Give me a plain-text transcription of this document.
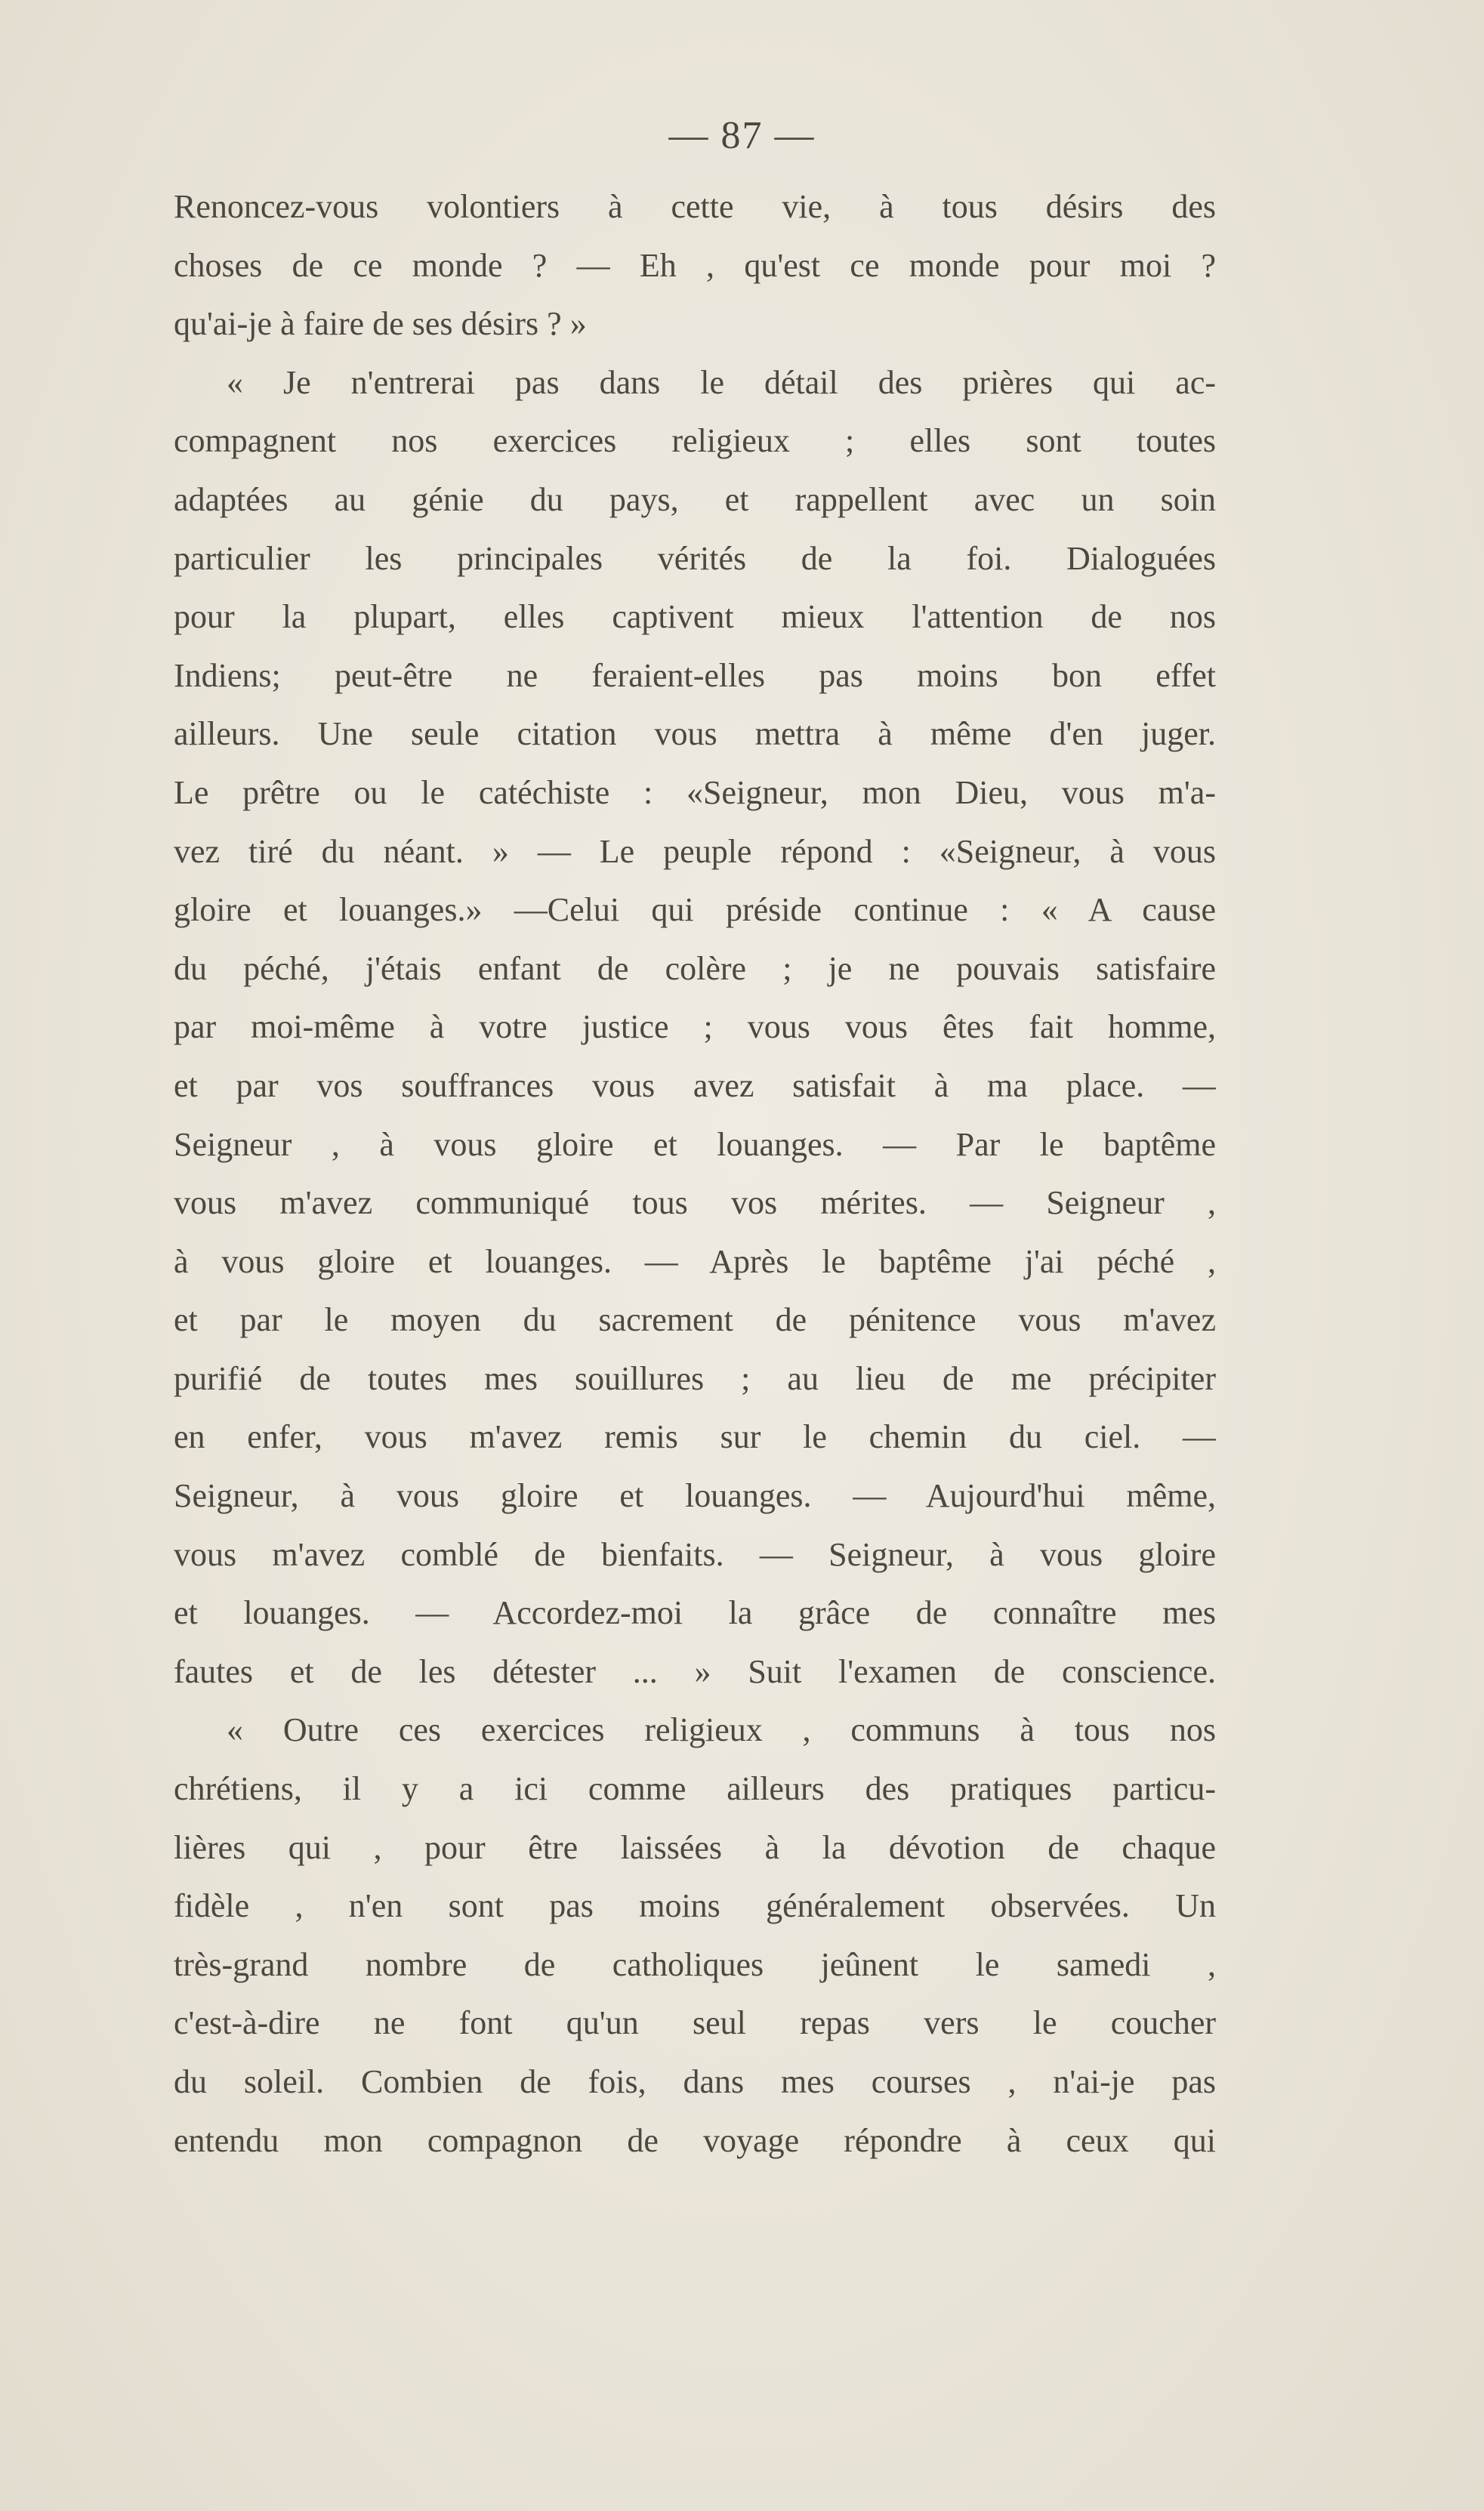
— 87 —
Renoncez-vous volontiers à cette vie, à tous désirs des
choses de ce monde ? — Eh , qu'est ce monde pour moi ?
qu'ai-je à faire de ses désirs ? »
« Je n'entrerai pas dans le détail des prières qui ac-
compagnent nos exercices religieux ; elles sont toutes
adaptées au génie du pays, et rappellent avec un soin
particulier les principales vérités de la foi. Dialoguées
pour la plupart, elles captivent mieux l'attention de nos
Indiens; peut-être ne feraient-elles pas moins bon effet
ailleurs. Une seule citation vous mettra à même d'en juger.
Le prêtre ou le catéchiste : «Seigneur, mon Dieu, vous m'a-
vez tiré du néant. » — Le peuple répond : «Seigneur, à vous
gloire et louanges.» —Celui qui préside continue : « A cause
du péché, j'étais enfant de colère ; je ne pouvais satisfaire
par moi-même à votre justice ; vous vous êtes fait homme,
et par vos souffrances vous avez satisfait à ma place. —
Seigneur , à vous gloire et louanges. — Par le baptême
vous m'avez communiqué tous vos mérites. — Seigneur ,
à vous gloire et louanges. — Après le baptême j'ai péché ,
et par le moyen du sacrement de pénitence vous m'avez
purifié de toutes mes souillures ; au lieu de me précipiter
en enfer, vous m'avez remis sur le chemin du ciel. —
Seigneur, à vous gloire et louanges. — Aujourd'hui même,
vous m'avez comblé de bienfaits. — Seigneur, à vous gloire
et louanges. — Accordez-moi la grâce de connaître mes
fautes et de les détester ... » Suit l'examen de conscience.
« Outre ces exercices religieux , communs à tous nos
chrétiens, il y a ici comme ailleurs des pratiques particu-
lières qui , pour être laissées à la dévotion de chaque
fidèle , n'en sont pas moins généralement observées. Un
très-grand nombre de catholiques jeûnent le samedi ,
c'est-à-dire ne font qu'un seul repas vers le coucher
du soleil. Combien de fois, dans mes courses , n'ai-je pas
entendu mon compagnon de voyage répondre à ceux qui
